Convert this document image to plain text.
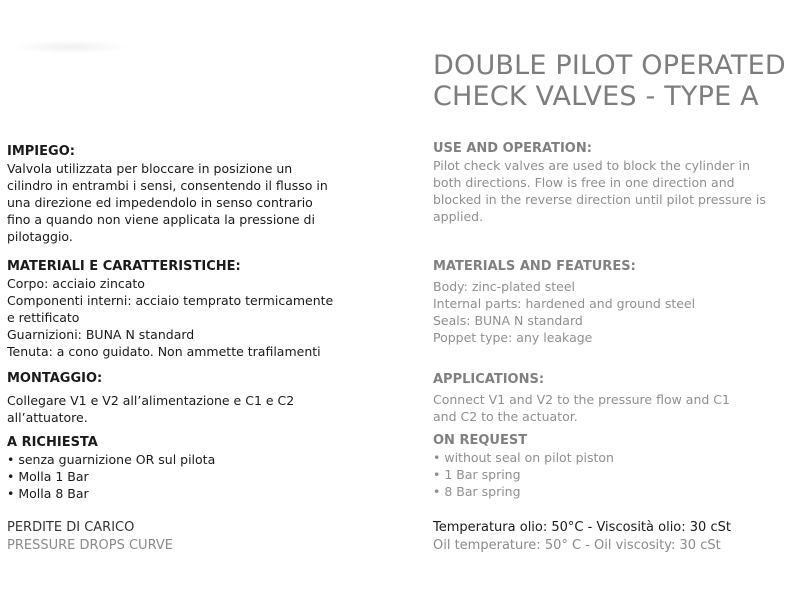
DOUBLE PILOT OPERATED
CHECK VALVES - TYPE A
IMPIEGO:
Valvola utilizzata per bloccare in posizione un
cilindro in entrambi i sensi, consentendo il flusso in
una direzione ed impedendolo in senso contrario
fino a quando non viene applicata la pressione di
pilotaggio.
MATERIALI E CARATTERISTICHE:
Corpo: acciaio zincato
Componenti interni: acciaio temprato termicamente
e rettificato
Guarnizioni: BUNA N standard
Tenuta: a cono guidato. Non ammette trafilamenti
MONTAGGIO:
Collegare V1 e V2 all’alimentazione e C1 e C2
all’attuatore.
A RICHIESTA
• senza guarnizione OR sul pilota
• Molla 1 Bar
• Molla 8 Bar
PERDITE DI CARICO
PRESSURE DROPS CURVE
USE AND OPERATION:
Pilot check valves are used to block the cylinder in
both directions. Flow is free in one direction and
blocked in the reverse direction until pilot pressure is
applied.
MATERIALS AND FEATURES:
Body: zinc-plated steel
Internal parts: hardened and ground steel
Seals: BUNA N standard
Poppet type: any leakage
APPLICATIONS:
Connect V1 and V2 to the pressure flow and C1
and C2 to the actuator.
ON REQUEST
• without seal on pilot piston
• 1 Bar spring
• 8 Bar spring
Temperatura olio: 50°C - Viscosità olio: 30 cSt
Oil temperature: 50° C - Oil viscosity: 30 cSt
